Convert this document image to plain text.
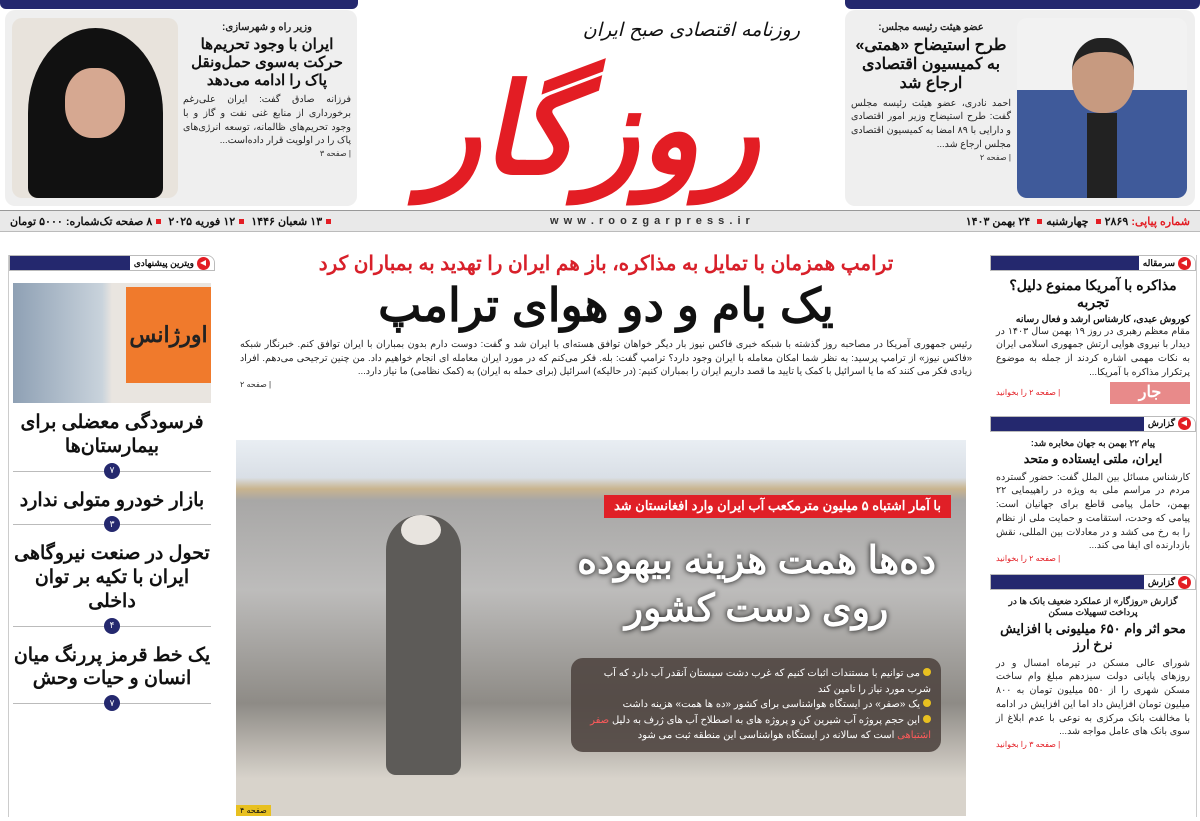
عضو هیئت رئیسه مجلس:
طرح استیضاح «همتی» به کمیسیون اقتصادی ارجاع شد
احمد نادری، عضو هیئت رئیسه مجلس گفت: طرح استیضاح وزیر امور اقتصادی و دارایی با ۸۹ امضا به کمیسیون اقتصادی مجلس ارجاع شد...
| صفحه ۲
وزیر راه و شهرسازی:
ایران با وجود تحریم‌ها حرکت به‌سوی حمل‌ونقل پاک را ادامه می‌دهد
فرزانه صادق گفت: ایران علی‌رغم برخورداری از منابع غنی نفت و گاز و با وجود تحریم‌های ظالمانه، توسعه انرژی‌های پاک را در اولویت قرار داده‌است...
| صفحه ۳
روزنامه اقتصادی صبح ایران
روزگار
شماره پیاپی: ۲۸۶۹ چهارشنبه ۲۴ بهمن ۱۴۰۳
w w w . r o o z g a r p r e s s . i r
۱۳ شعبان ۱۴۴۶ ۱۲ فوریه ۲۰۲۵ ۸ صفحه تک‌شماره: ۵۰۰۰ تومان
ویترین پیشنهادی
اورژانس
فرسودگی معضلی برای بیمارستان‌ها
۷
بازار خودرو متولی ندارد
۳
تحول در صنعت نیروگاهی ایران با تکیه بر توان داخلی
۴
یک خط قرمز پررنگ میان انسان و حیات وحش
۷
ترامپ همزمان با تمایل به مذاکره، باز هم ایران را تهدید به بمباران کرد
یک بام و دو هوای ترامپ
رئیس جمهوری آمریکا در مصاحبه روز گذشته با شبکه خبری فاکس نیوز بار دیگر خواهان توافق هسته‌ای با ایران شد و گفت: دوست دارم بدون بمباران با ایران توافق کنم. خبرنگار شبکه «فاکس نیوز» از ترامپ پرسید: به نظر شما امکان معامله با ایران وجود دارد؟ ترامپ گفت: بله. فکر می‌کنم که در مورد ایران معامله ای انجام خواهیم داد. من چنین ترجیحی می‌دهم. افراد زیادی فکر می کنند که ما یا اسرائیل با کمک یا تایید ما قصد داریم ایران را بمباران کنیم: (در حالیکه) اسرائیل (برای حمله به ایران) به (کمک نظامی) ما نیاز دارد...
| صفحه ۲
با آمار اشتباه ۵ میلیون مترمکعب آب ایران وارد افغانستان شد
ده‌ها همت هزینه بیهوده
روی دست کشور
می توانیم با مستندات اثبات کنیم که غرب دشت سیستان آنقدر آب دارد که آب شرب مورد نیاز را تامین کند
یک «صفر» در ایستگاه هواشناسی برای کشور «ده ها همت» هزینه داشت
این حجم پروژه آب شیرین کن و پروژه های به اصطلاح آب های ژرف به دلیل صفر اشتباهی است که سالانه در ایستگاه هواشناسی این منطقه ثبت می شود
صفحه ۴
سرمقاله
مذاکره با آمریکا ممنوع دلیل؟ تجربه
کوروش عبدی، کارشناس ارشد و فعال رسانه
مقام معظم رهبری در روز ۱۹ بهمن سال ۱۴۰۳ در دیدار با نیروی هوایی ارتش جمهوری اسلامی ایران به نکات مهمی اشاره کردند از جمله به موضوع پرتکرار مذاکره با آمریکا...
جار
| صفحه ۲ را بخوانید
گزارش
پیام ۲۲ بهمن به جهان مخابره شد:
ایران، ملتی ایستاده و متحد
کارشناس مسائل بین الملل گفت: حضور گسترده مردم در مراسم ملی به ویژه در راهپیمایی ۲۲ بهمن، حامل پیامی قاطع برای جهانیان است: پیامی که وحدت، استقامت و حمایت ملی از نظام را به رخ می کشد و در معادلات بین المللی، نقش بازدارنده ای ایفا می کند...
| صفحه ۲ را بخوانید
گزارش
گزارش «روزگار» از عملکرد ضعیف بانک ها در پرداخت تسهیلات مسکن
محو اثر وام ۶۵۰ میلیونی با افزایش نرخ ارز
شورای عالی مسکن در تیرماه امسال و در روزهای پایانی دولت سیزدهم مبلغ وام ساخت مسکن شهری را از ۵۵۰ میلیون تومان به ۸۰۰ میلیون تومان افزایش داد اما این افزایش در ادامه با مخالفت بانک مرکزی به نوعی با عدم ابلاغ از سوی بانک های عامل مواجه شد...
| صفحه ۳ را بخوانید
